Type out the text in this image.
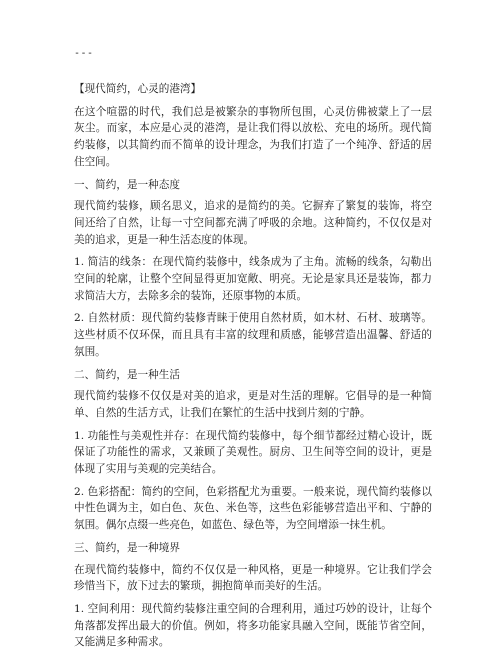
---

【现代简约，心灵的港湾】

在这个喧嚣的时代，我们总是被繁杂的事物所包围，心灵仿佛被蒙上了一层灰尘。而家，本应是心灵的港湾，是让我们得以放松、充电的场所。现代简约装修，以其简约而不简单的设计理念，为我们打造了一个纯净、舒适的居住空间。

一、简约，是一种态度

现代简约装修，顾名思义，追求的是简约的美。它摒弃了繁复的装饰，将空间还给了自然，让每一寸空间都充满了呼吸的余地。这种简约，不仅仅是对美的追求，更是一种生活态度的体现。

1. 简洁的线条：在现代简约装修中，线条成为了主角。流畅的线条，勾勒出空间的轮廓，让整个空间显得更加宽敞、明亮。无论是家具还是装饰，都力求简洁大方，去除多余的装饰，还原事物的本质。

2. 自然材质：现代简约装修青睐于使用自然材质，如木材、石材、玻璃等。这些材质不仅环保，而且具有丰富的纹理和质感，能够营造出温馨、舒适的氛围。

二、简约，是一种生活

现代简约装修不仅仅是对美的追求，更是对生活的理解。它倡导的是一种简单、自然的生活方式，让我们在繁忙的生活中找到片刻的宁静。

1. 功能性与美观性并存：在现代简约装修中，每个细节都经过精心设计，既保证了功能性的需求，又兼顾了美观性。厨房、卫生间等空间的设计，更是体现了实用与美观的完美结合。

2. 色彩搭配：简约的空间，色彩搭配尤为重要。一般来说，现代简约装修以中性色调为主，如白色、灰色、米色等，这些色彩能够营造出平和、宁静的氛围。偶尔点缀一些亮色，如蓝色、绿色等，为空间增添一抹生机。

三、简约，是一种境界

在现代简约装修中，简约不仅仅是一种风格，更是一种境界。它让我们学会珍惜当下，放下过去的繁琐，拥抱简单而美好的生活。

1. 空间利用：现代简约装修注重空间的合理利用，通过巧妙的设计，让每个角落都发挥出最大的价值。例如，将多功能家具融入空间，既能节省空间，又能满足多种需求。
